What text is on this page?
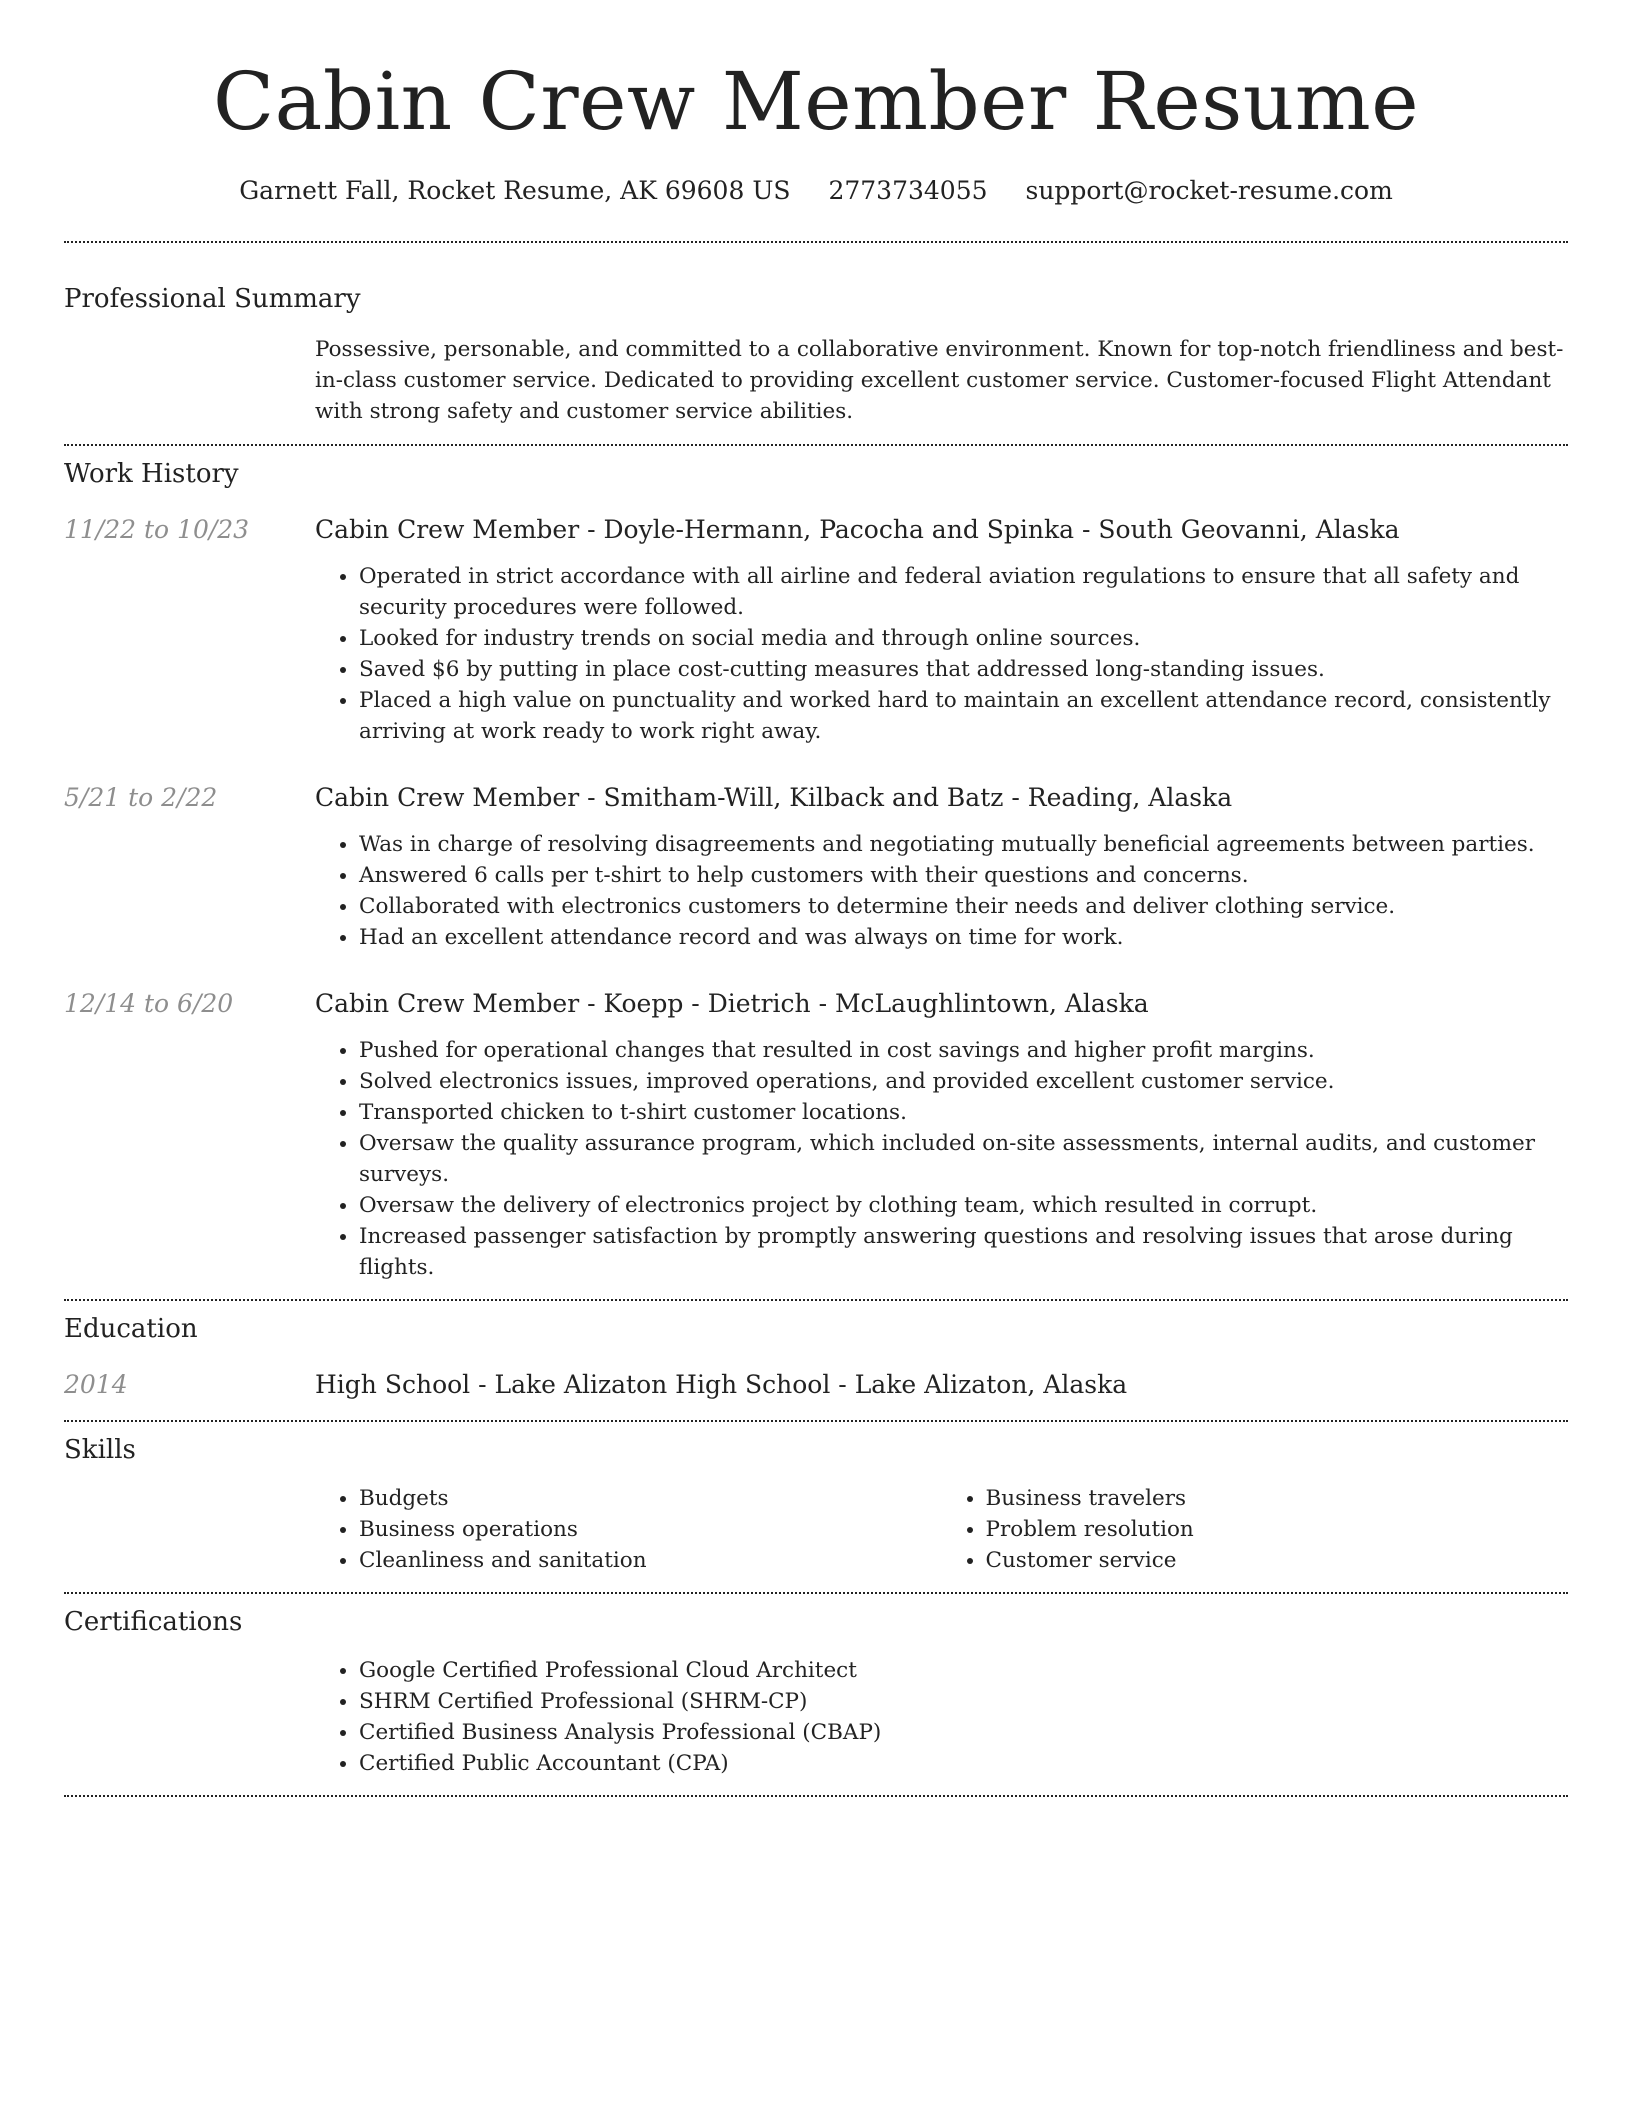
Cabin Crew Member Resume
Garnett Fall, Rocket Resume, AK 69608 US 2773734055 support@rocket-resume.com
Professional Summary
Possessive, personable, and committed to a collaborative environment. Known for top-notch friendliness and best-in-class customer service. Dedicated to providing excellent customer service. Customer-focused Flight Attendant with strong safety and customer service abilities.
Work History
11/22 to 10/23	Cabin Crew Member - Doyle-Hermann, Pacocha and Spinka - South Geovanni, Alaska
• Operated in strict accordance with all airline and federal aviation regulations to ensure that all safety and security procedures were followed.
• Looked for industry trends on social media and through online sources.
• Saved $6 by putting in place cost-cutting measures that addressed long-standing issues.
• Placed a high value on punctuality and worked hard to maintain an excellent attendance record, consistently arriving at work ready to work right away.
5/21 to 2/22	Cabin Crew Member - Smitham-Will, Kilback and Batz - Reading, Alaska
• Was in charge of resolving disagreements and negotiating mutually beneficial agreements between parties.
• Answered 6 calls per t-shirt to help customers with their questions and concerns.
• Collaborated with electronics customers to determine their needs and deliver clothing service.
• Had an excellent attendance record and was always on time for work.
12/14 to 6/20	Cabin Crew Member - Koepp - Dietrich - McLaughlintown, Alaska
• Pushed for operational changes that resulted in cost savings and higher profit margins.
• Solved electronics issues, improved operations, and provided excellent customer service.
• Transported chicken to t-shirt customer locations.
• Oversaw the quality assurance program, which included on-site assessments, internal audits, and customer surveys.
• Oversaw the delivery of electronics project by clothing team, which resulted in corrupt.
• Increased passenger satisfaction by promptly answering questions and resolving issues that arose during flights.
Education
2014	High School - Lake Alizaton High School - Lake Alizaton, Alaska
Skills
• Budgets
• Business operations
• Cleanliness and sanitation
• Business travelers
• Problem resolution
• Customer service
Certifications
• Google Certified Professional Cloud Architect
• SHRM Certified Professional (SHRM-CP)
• Certified Business Analysis Professional (CBAP)
• Certified Public Accountant (CPA)
